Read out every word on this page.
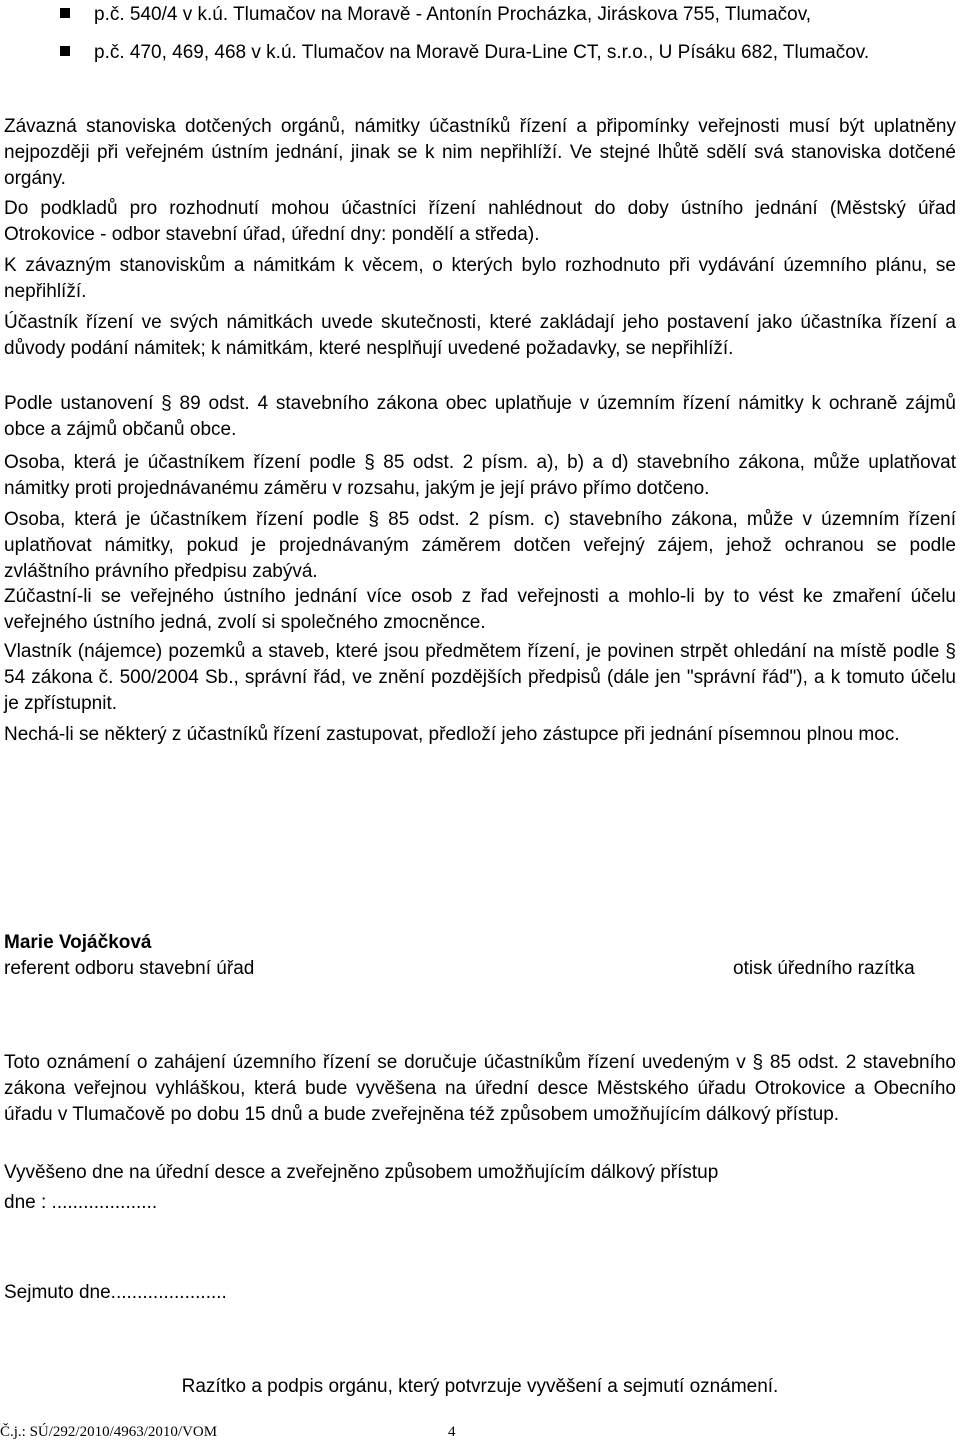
p.č. 540/4 v k.ú. Tlumačov na Moravě - Antonín Procházka, Jiráskova 755, Tlumačov,
p.č. 470, 469, 468 v k.ú. Tlumačov na Moravě Dura-Line CT, s.r.o., U Písáku 682, Tlumačov.

Závazná stanoviska dotčených orgánů, námitky účastníků řízení a připomínky veřejnosti musí být uplatněny nejpozději při veřejném ústním jednání, jinak se k nim nepřihlíží. Ve stejné lhůtě sdělí svá stanoviska dotčené orgány.

Do podkladů pro rozhodnutí mohou účastníci řízení nahlédnout do doby ústního jednání (Městský úřad Otrokovice - odbor stavební úřad, úřední dny: pondělí a středa).

K závazným stanoviskům a námitkám k věcem, o kterých bylo rozhodnuto při vydávání územního plánu, se nepřihlíží.

Účastník řízení ve svých námitkách uvede skutečnosti, které zakládají jeho postavení jako účastníka řízení a důvody podání námitek; k námitkám, které nesplňují uvedené požadavky, se nepřihlíží.

Podle ustanovení § 89 odst. 4 stavebního zákona obec uplatňuje v územním řízení námitky k ochraně zájmů obce a zájmů občanů obce.

Osoba, která je účastníkem řízení podle § 85 odst. 2 písm. a), b) a d) stavebního zákona, může uplatňovat námitky proti projednávanému záměru v rozsahu, jakým je její právo přímo dotčeno.

Osoba, která je účastníkem řízení podle § 85 odst. 2 písm. c) stavebního zákona, může v územním řízení uplatňovat námitky, pokud je projednávaným záměrem dotčen veřejný zájem, jehož ochranou se podle zvláštního právního předpisu zabývá.

Zúčastní-li se veřejného ústního jednání více osob z řad veřejnosti a mohlo-li by to vést ke zmaření účelu veřejného ústního jedná, zvolí si společného zmocněnce.

Vlastník (nájemce) pozemků a staveb, které jsou předmětem řízení, je povinen strpět ohledání na místě podle § 54 zákona č. 500/2004 Sb., správní řád, ve znění pozdějších předpisů (dále jen "správní řád"), a k tomuto účelu je zpřístupnit.

Nechá-li se některý z účastníků řízení zastupovat, předloží jeho zástupce při jednání písemnou plnou moc.

Marie Vojáčková
referent odboru stavební úřad	otisk úředního razítka

Toto oznámení o zahájení územního řízení se doručuje účastníkům řízení uvedeným v § 85 odst. 2 stavebního zákona veřejnou vyhláškou, která bude vyvěšena na úřední desce Městského úřadu Otrokovice a Obecního úřadu v Tlumačově po dobu 15 dnů a bude zveřejněna též způsobem umožňujícím dálkový přístup.

Vyvěšeno dne na úřední desce a zveřejněno způsobem umožňujícím dálkový přístup
dne : ....................
Sejmuto dne......................
Razítko a podpis orgánu, který potvrzuje vyvěšení a sejmutí oznámení.
Č.j.: SÚ/292/2010/4963/2010/VOM	4
